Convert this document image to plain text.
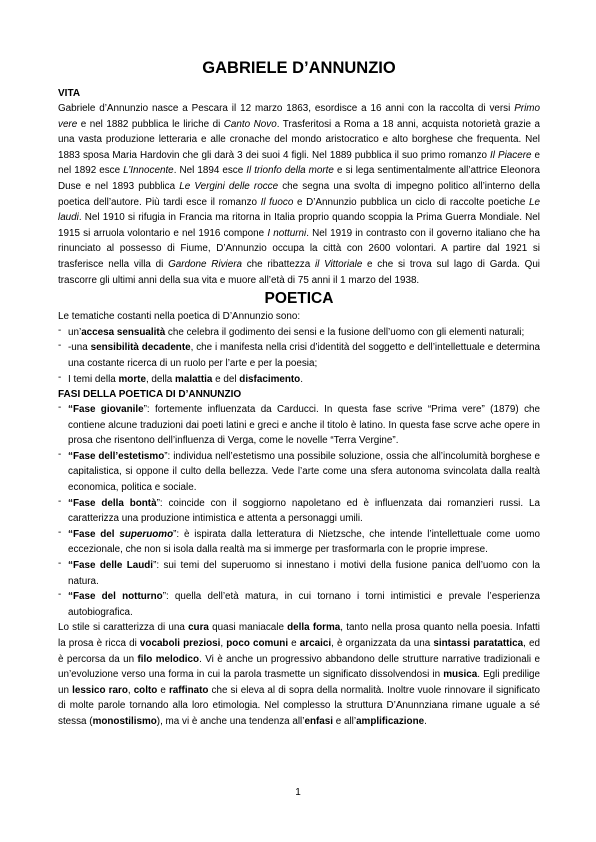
GABRIELE D’ANNUNZIO
VITA

Gabriele d’Annunzio nasce a Pescara il 12 marzo 1863, esordisce a 16 anni con la raccolta di versi Primo vere e nel 1882 pubblica le liriche di Canto Novo. Trasferitosi a Roma a 18 anni, acquista notorietà grazie a una vasta produzione letteraria e alle cronache del mondo aristocratico e alto borghese che frequenta. Nel 1883 sposa Maria Hardovin che gli darà 3 dei suoi 4 figli. Nel 1889 pubblica il suo primo romanzo Il Piacere e nel 1892 esce L’Innocente. Nel 1894 esce Il trionfo della morte e si lega sentimentalmente all’attrice Eleonora Duse e nel 1893 pubblica Le Vergini delle rocce che segna una svolta di impegno politico all’interno della poetica dell’autore. Più tardi esce il romanzo Il fuoco e D’Annunzio pubblica un ciclo di raccolte poetiche Le laudi. Nel 1910 si rifugia in Francia ma ritorna in Italia proprio quando scoppia la Prima Guerra Mondiale. Nel 1915 si arruola volontario e nel 1916 compone I notturni. Nel 1919 in contrasto con il governo italiano che ha rinunciato al possesso di Fiume, D’Annunzio occupa la città con 2600 volontari. A partire dal 1921 si trasferisce nella villa di Gardone Riviera che ribattezza il Vittoriale e che si trova sul lago di Garda. Qui trascorre gli ultimi anni della sua vita e muore all’età di 75 anni il 1 marzo del 1938.

POETICA

Le tematiche costanti nella poetica di D’Annunzio sono:

- un’accesa sensualità che celebra il godimento dei sensi e la fusione dell’uomo con gli elementi naturali;
- -una sensibilità decadente, che i manifesta nella crisi d’identità del soggetto e dell’intellettuale e determina una costante ricerca di un ruolo per l’arte e per la poesia;
- I temi della morte, della malattia e del disfacimento.
FASI DELLA POETICA DI D’ANNUNZIO
- “Fase giovanile”: fortemente influenzata da Carducci. In questa fase scrive “Prima vere” (1879) che contiene alcune traduzioni dai poeti latini e greci e anche il titolo è latino. In questa fase scrve ache opere in prosa che risentono dell’influenza di Verga, come le novelle “Terra Vergine”.
- “Fase dell’estetismo”: individua nell’estetismo una possibile soluzione, ossia che all’incolumità borghese e capitalistica, si oppone il culto della bellezza. Vede l’arte come una sfera autonoma svincolata dalla realtà economica, politica e sociale.
- “Fase della bontà”: coincide con il soggiorno napoletano ed è influenzata dai romanzieri russi. La caratterizza una produzione intimistica e attenta a personaggi umili.
- “Fase del superuomo”: è ispirata dalla letteratura di Nietzsche, che intende l’intellettuale come uomo eccezionale, che non si isola dalla realtà ma si immerge per trasformarla con le proprie imprese.
- “Fase delle Laudi”: sui temi del superuomo si innestano i motivi della fusione panica dell’uomo con la natura.
- “Fase del notturno”: quella dell’età matura, in cui tornano i torni intimistici e prevale l’esperienza autobiografica.

Lo stile si caratterizza di una cura quasi maniacale della forma, tanto nella prosa quanto nella poesia. Infatti la prosa è ricca di vocaboli preziosi, poco comuni e arcaici, è organizzata da una sintassi paratattica, ed è percorsa da un filo melodico. Vi è anche un progressivo abbandono delle strutture narrative tradizionali e un’evoluzione verso una forma in cui la parola trasmette un significato dissolvendosi in musica. Egli predilige un lessico raro, colto e raffinato che si eleva al di sopra della normalità. Inoltre vuole rinnovare il significato di molte parole tornando alla loro etimologia. Nel complesso la struttura D’Anunnziana rimane uguale a sé stessa (monostilismo), ma vi è anche una tendenza all’enfasi e all’amplificazione.

1
